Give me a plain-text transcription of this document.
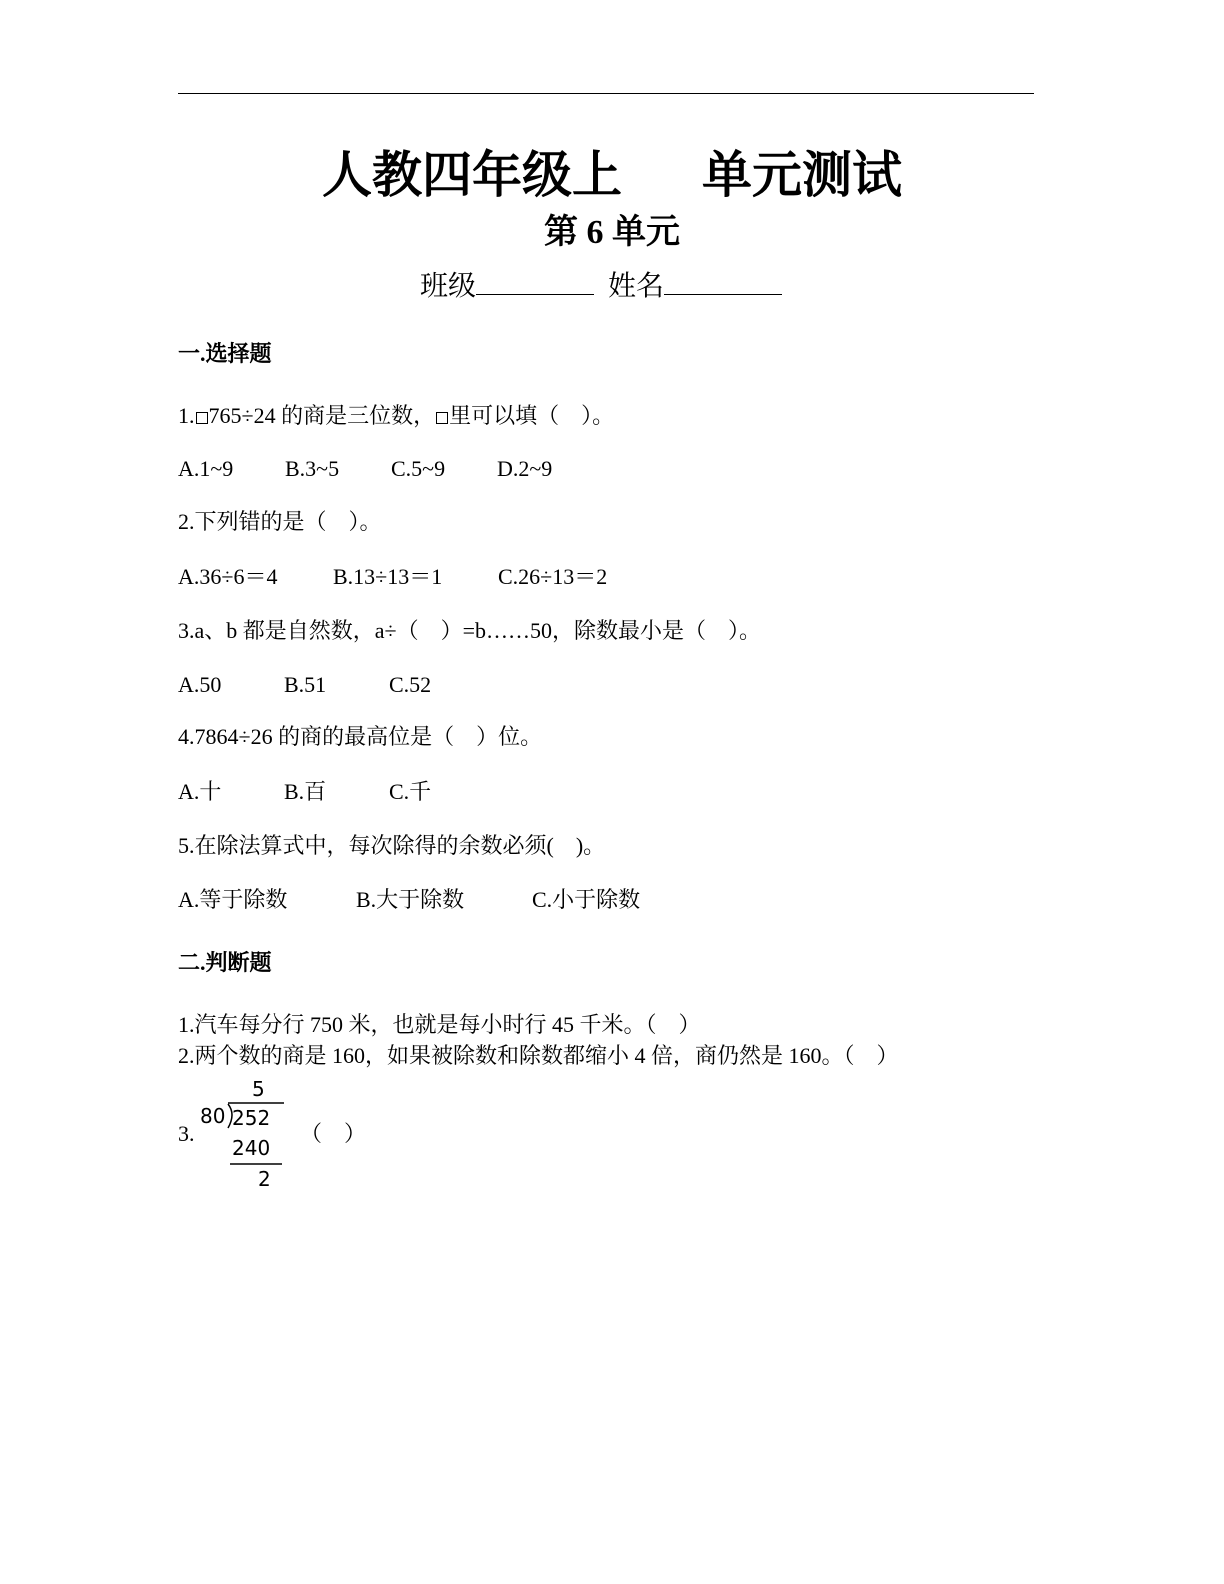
人教四年级上 单元测试
第 6 单元
班级	姓名
一.选择题
1. 765÷24 的商是三位数， 里可以填（　）。
A.1~9 B.3~5 C.5~9 D.2~9
2.下列错的是（　）。
A.36÷6＝4	B.13÷13＝1	C.26÷13＝2
3.a、b 都是自然数，a÷（　）=b……50，除数最小是（　）。
A.50	B.51	C.52
4.7864÷26 的商的最高位是（　）位。
A.十	B.百	C.千
5.在除法算式中，每次除得的余数必须(　)。
A.等于除数	B.大于除数	C.小于除数
二.判断题
1.汽车每分行 750 米，也就是每小时行 45 千米。（　）
2.两个数的商是 160，如果被除数和除数都缩小 4 倍，商仍然是 160。（　）
3.
5
80 252
240
2
（　）
